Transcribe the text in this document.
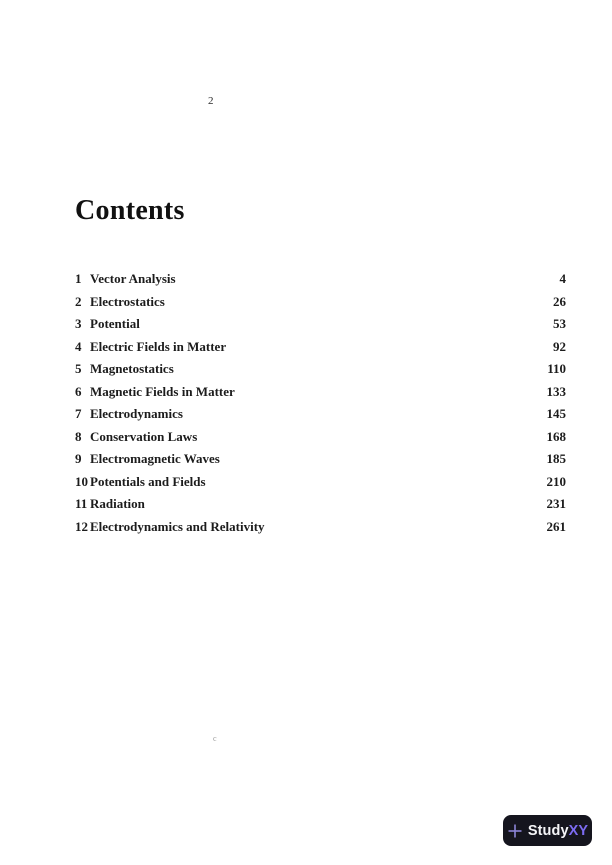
2
Contents
1 Vector Analysis	4
2 Electrostatics	26
3 Potential	53
4 Electric Fields in Matter	92
5 Magnetostatics	110
6 Magnetic Fields in Matter	133
7 Electrodynamics	145
8 Conservation Laws	168
9 Electromagnetic Waves	185
10 Potentials and Fields	210
11 Radiation	231
12 Electrodynamics and Relativity	261
c
StudyXY
